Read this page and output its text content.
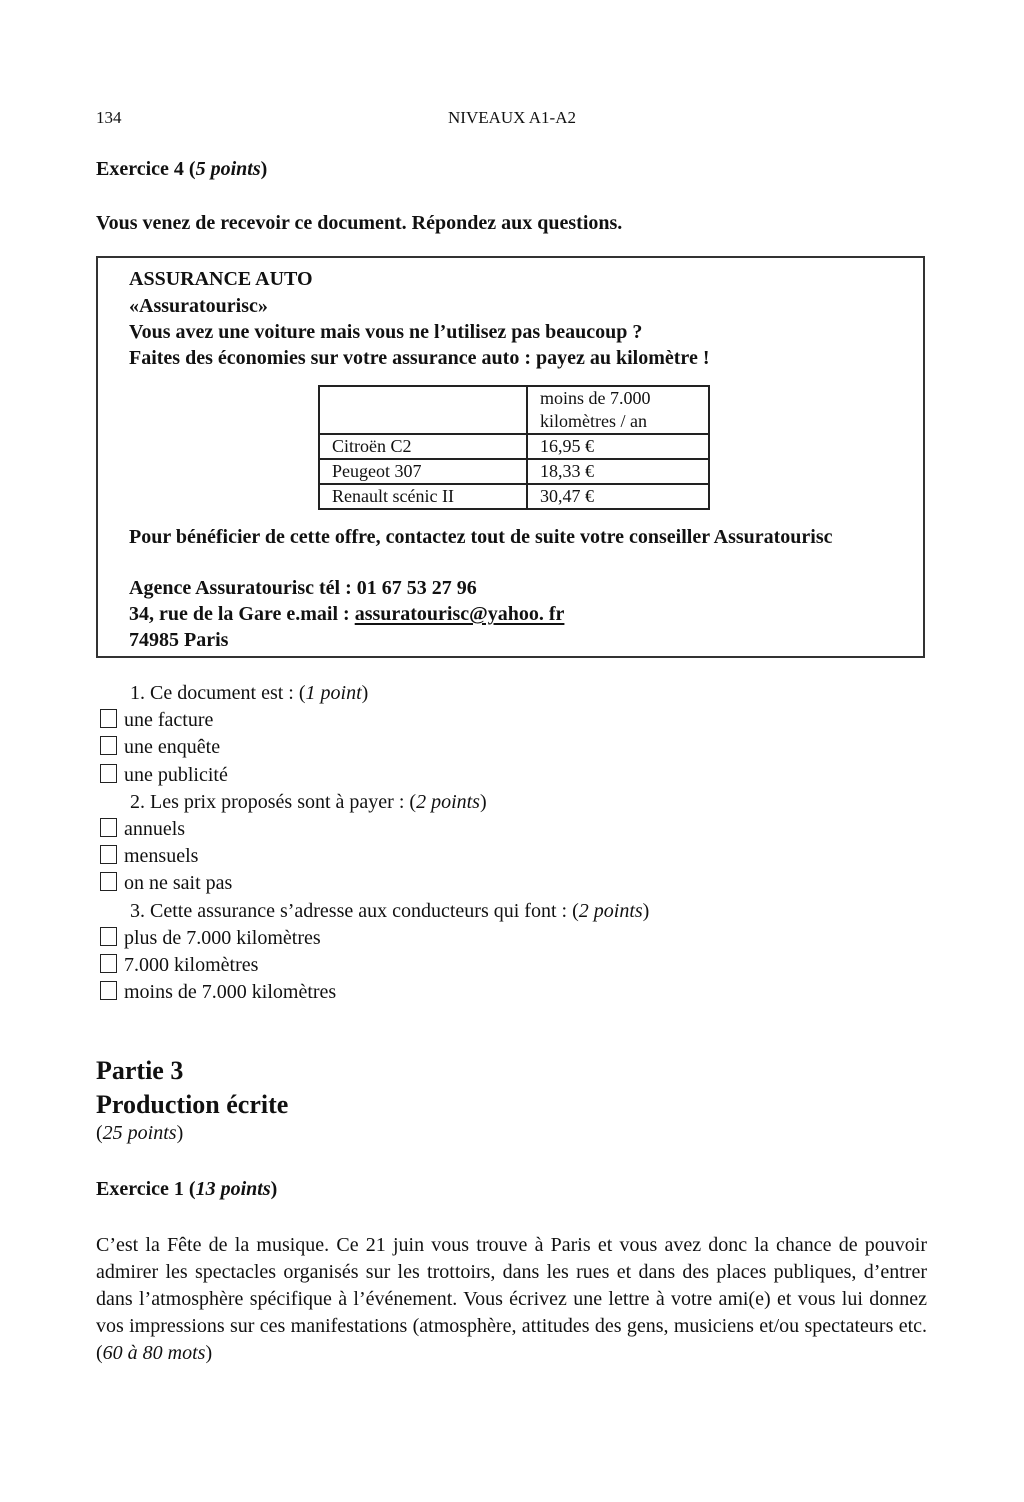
NIVEAUX A1-A2
134
Exercice 4 (5 points)
Vous venez de recevoir ce document. Répondez aux questions.
ASSURANCE AUTO
«Assuratourisc»
Vous avez une voiture mais vous ne l’utilisez pas beaucoup ?
Faites des économies sur votre assurance auto : payez au kilomètre !
	moins de 7.000
kilomètres / an
Citroën C2	16,95 €
Peugeot 307	18,33 €
Renault scénic II	30,47 €
Pour bénéficier de cette offre, contactez tout de suite votre conseiller Assuratourisc
Agence Assuratourisc tél : 01 67 53 27 96
34, rue de la Gare e.mail : assuratourisc@yahoo. fr
74985 Paris
1. Ce document est : (1 point)
une facture
une enquête
une publicité
2. Les prix proposés sont à payer : (2 points)
annuels
mensuels
on ne sait pas
3. Cette assurance s’adresse aux conducteurs qui font : (2 points)
plus de 7.000 kilomètres
7.000 kilomètres
moins de 7.000 kilomètres
Partie 3
Production écrite
(25 points)
Exercice 1 (13 points)
C’est la Fête de la musique. Ce 21 juin vous trouve à Paris et vous avez donc la chance de pouvoir admirer les spectacles organisés sur les trottoirs, dans les rues et dans des places publiques, d’entrer dans l’atmosphère spécifique à l’événement. Vous écrivez une lettre à votre ami(e) et vous lui donnez vos impressions sur ces manifestations (atmosphère, attitudes des gens, musiciens et/ou spectateurs etc. (60 à 80 mots)
